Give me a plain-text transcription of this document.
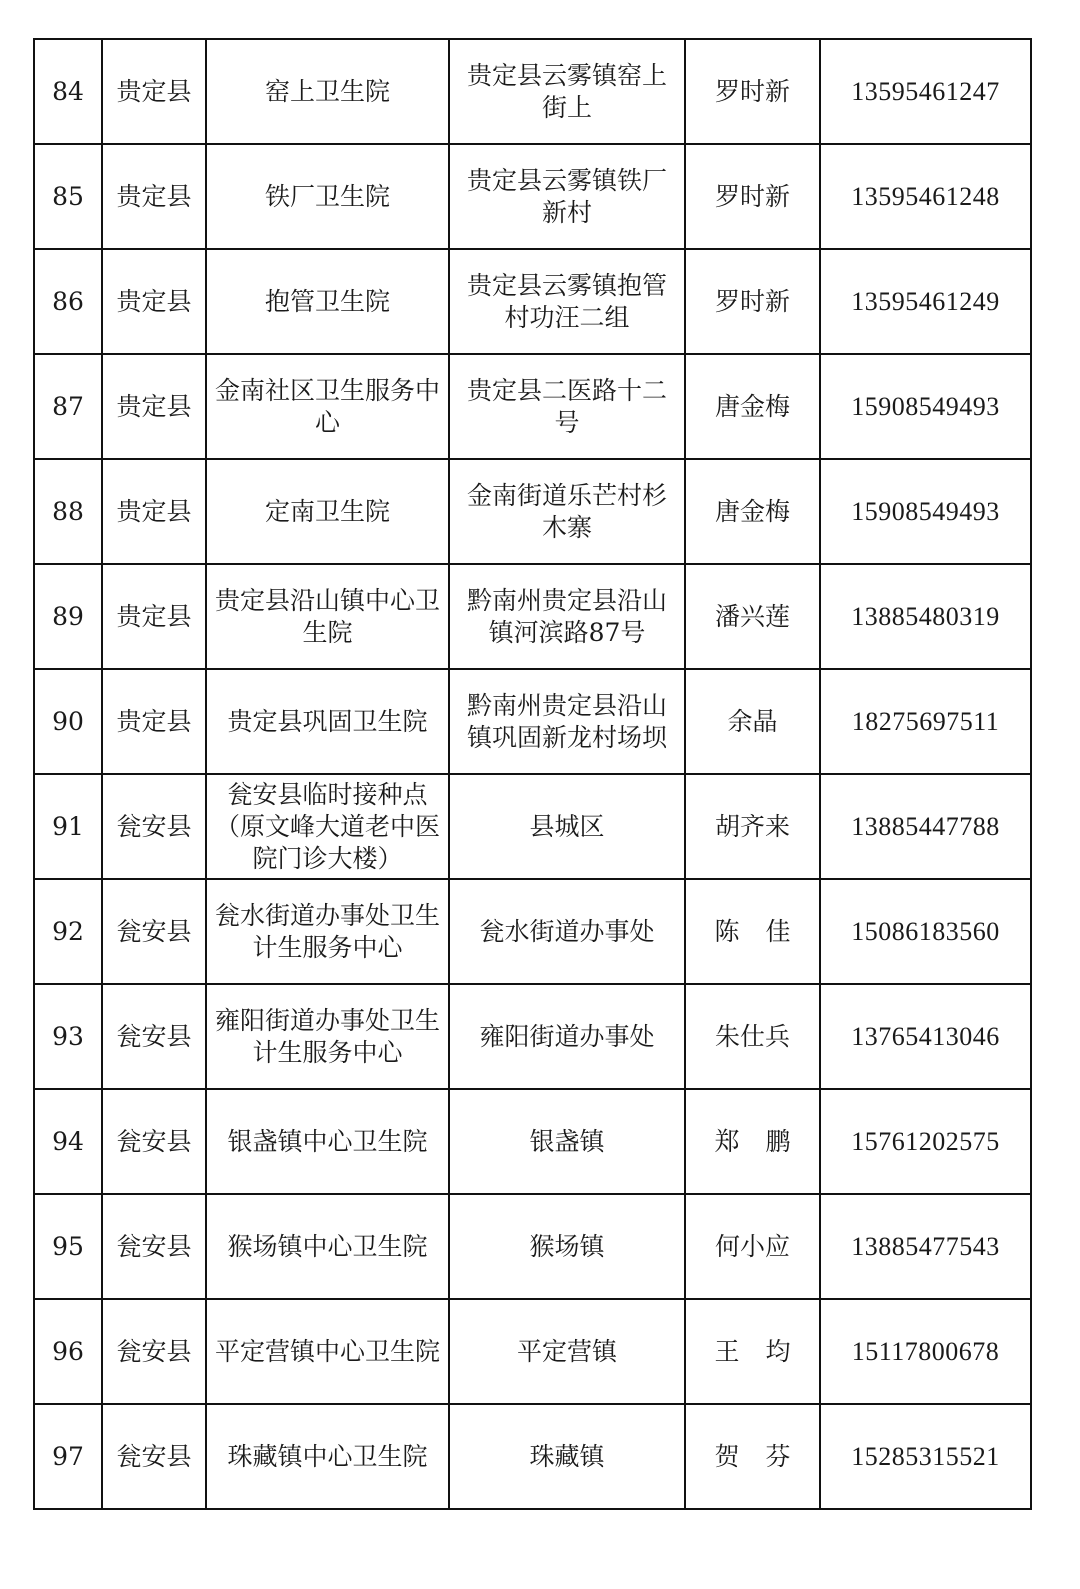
84	贵定县	窑上卫生院	贵定县云雾镇窑上街上	罗时新	13595461247
85	贵定县	铁厂卫生院	贵定县云雾镇铁厂新村	罗时新	13595461248
86	贵定县	抱管卫生院	贵定县云雾镇抱管村功汪二组	罗时新	13595461249
87	贵定县	金南社区卫生服务中心	贵定县二医路十二号	唐金梅	15908549493
88	贵定县	定南卫生院	金南街道乐芒村杉木寨	唐金梅	15908549493
89	贵定县	贵定县沿山镇中心卫生院	黔南州贵定县沿山镇河滨路87号	潘兴莲	13885480319
90	贵定县	贵定县巩固卫生院	黔南州贵定县沿山镇巩固新龙村场坝	余晶	18275697511
91	瓮安县	瓮安县临时接种点（原文峰大道老中医院门诊大楼）	县城区	胡齐来	13885447788
92	瓮安县	瓮水街道办事处卫生计生服务中心	瓮水街道办事处	陈佳	15086183560
93	瓮安县	雍阳街道办事处卫生计生服务中心	雍阳街道办事处	朱仕兵	13765413046
94	瓮安县	银盏镇中心卫生院	银盏镇	郑鹏	15761202575
95	瓮安县	猴场镇中心卫生院	猴场镇	何小应	13885477543
96	瓮安县	平定营镇中心卫生院	平定营镇	王均	15117800678
97	瓮安县	珠藏镇中心卫生院	珠藏镇	贺芬	15285315521
